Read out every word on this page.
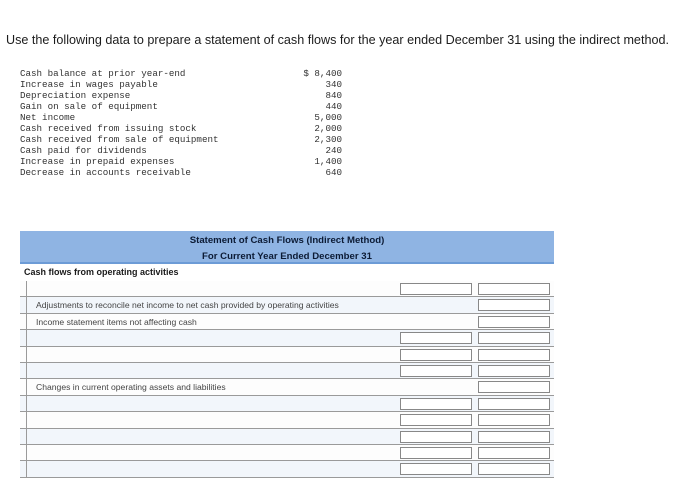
Use the following data to prepare a statement of cash flows for the year ended December 31 using the indirect method.
Cash balance at prior year-end	$ 8,400
Increase in wages payable	340
Depreciation expense	840
Gain on sale of equipment	440
Net income	5,000
Cash received from issuing stock	2,000
Cash received from sale of equipment	2,300
Cash paid for dividends	240
Increase in prepaid expenses	1,400
Decrease in accounts receivable	640
Statement of Cash Flows (Indirect Method)
For Current Year Ended December 31
Cash flows from operating activities
Adjustments to reconcile net income to net cash provided by operating activities
Income statement items not affecting cash
Changes in current operating assets and liabilities
